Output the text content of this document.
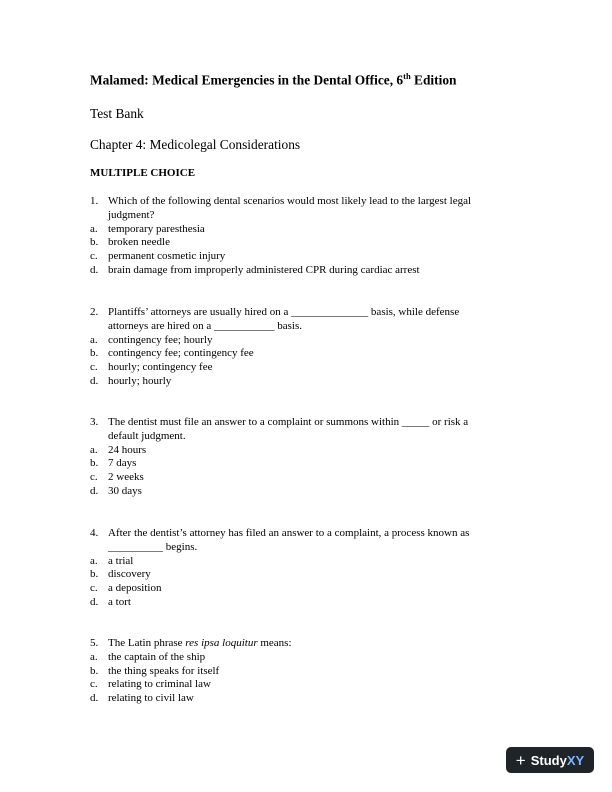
Malamed: Medical Emergencies in the Dental Office, 6th Edition
Test Bank
Chapter 4: Medicolegal Considerations
MULTIPLE CHOICE
1. Which of the following dental scenarios would most likely lead to the largest legal
judgment?
a. temporary paresthesia
b. broken needle
c. permanent cosmetic injury
d. brain damage from improperly administered CPR during cardiac arrest
2. Plantiffs’ attorneys are usually hired on a ______________ basis, while defense
attorneys are hired on a ___________ basis.
a. contingency fee; hourly
b. contingency fee; contingency fee
c. hourly; contingency fee
d. hourly; hourly
3. The dentist must file an answer to a complaint or summons within _____ or risk a
default judgment.
a. 24 hours
b. 7 days
c. 2 weeks
d. 30 days
4. After the dentist’s attorney has filed an answer to a complaint, a process known as
__________ begins.
a. a trial
b. discovery
c. a deposition
d. a tort
5. The Latin phrase res ipsa loquitur means:
a. the captain of the ship
b. the thing speaks for itself
c. relating to criminal law
d. relating to civil law
+ Study XY
